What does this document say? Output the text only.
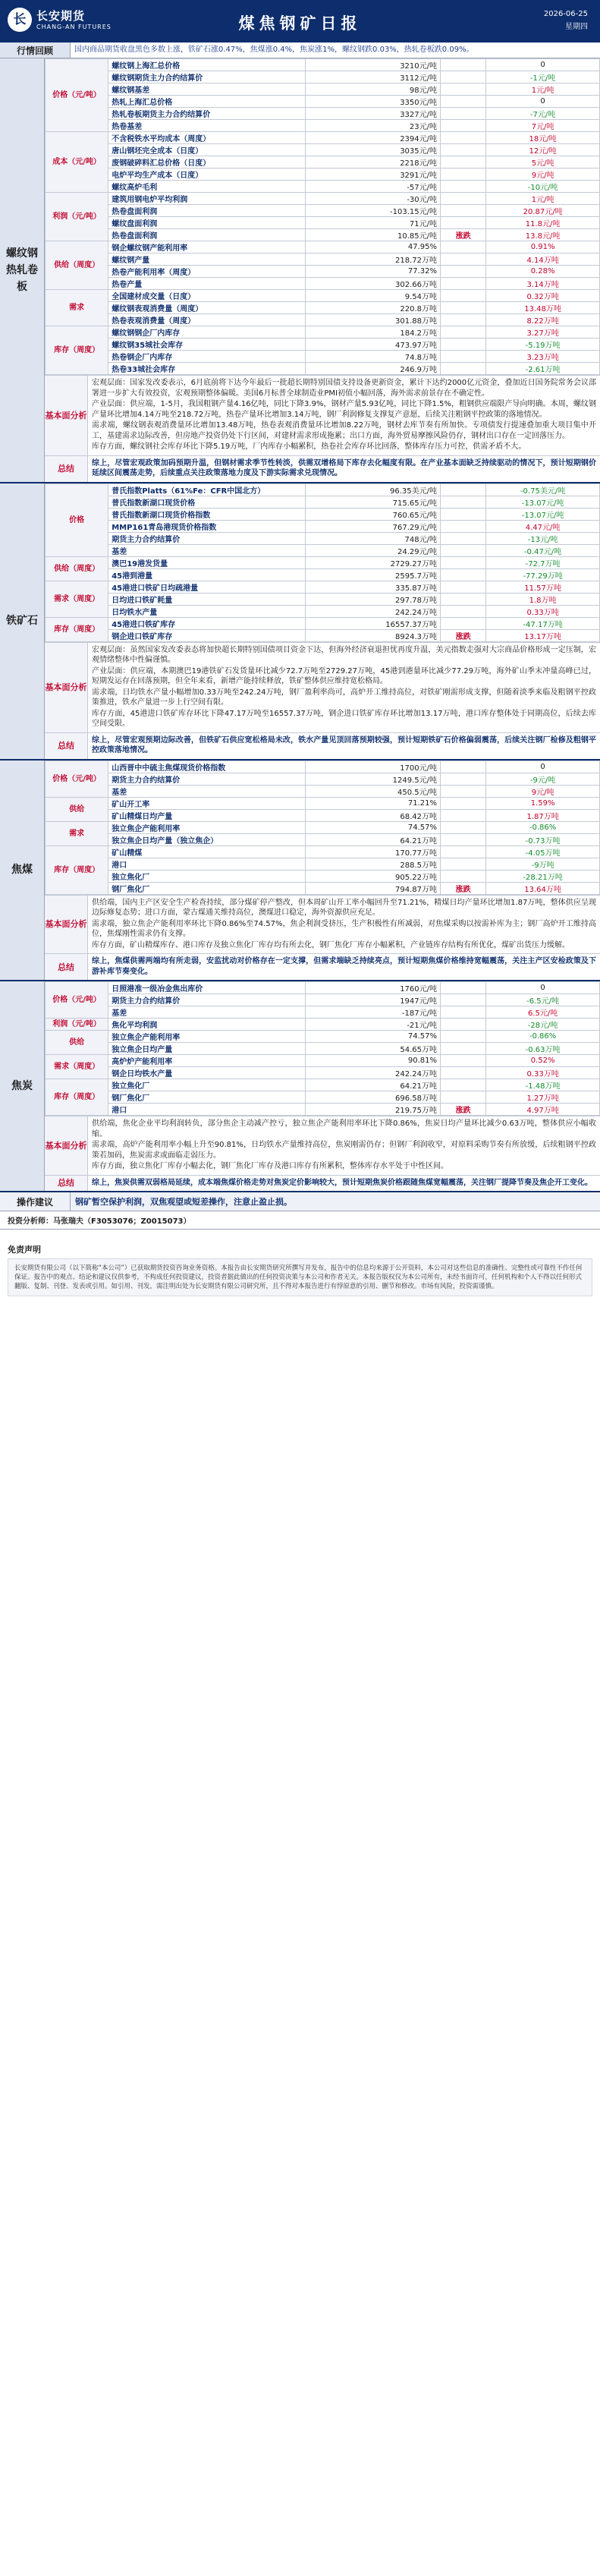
长 长安期货
CHANG-AN FUTURES	煤焦钢矿日报
2026-06-25
星期四
行情回顾	国内商品期货收盘黑色多数上涨，铁矿石涨0.47%，焦煤涨0.4%，焦炭涨1%，螺纹钢跌0.03%，热轧卷板跌0.09%。
螺纹钢热轧卷板
价格（元/吨）	螺纹钢上海汇总价格	3210元/吨		0
	螺纹钢期货主力合约结算价	3112元/吨		-1元/吨
	螺纹钢基差	98元/吨		1元/吨
	热轧上海汇总价格	3350元/吨		0
	热轧卷板期货主力合约结算价	3327元/吨		-7元/吨
	热卷基差	23元/吨		7元/吨
成本（元/吨）	不含税铁水平均成本（周度）	2394元/吨		18元/吨
	唐山钢坯完全成本（日度）	3035元/吨		12元/吨
	废钢破碎料汇总价格（日度）	2218元/吨		5元/吨
	电炉平均生产成本（日度）	3291元/吨		9元/吨
	螺纹高炉毛利	-57元/吨		-10元/吨
利润（元/吨）	建筑用钢电炉平均利润	-30元/吨		1元/吨
	热卷盘面利润	-103.15元/吨		20.87元/吨
	螺纹盘面利润	71元/吨		11.8元/吨
	热卷盘面利润	10.85元/吨	涨跌	13.8元/吨
供给（周度）	钢企螺纹钢产能利用率	47.95%		0.91%
	螺纹钢产量	218.72万吨		4.14万吨
	热卷产能利用率（周度）	77.32%		0.28%
	热卷产量	302.66万吨		3.14万吨
需求	全国建材成交量（日度）	9.54万吨		0.32万吨
	螺纹钢表观消费量（周度）	220.8万吨		13.48万吨
	热卷表观消费量（周度）	301.88万吨		8.22万吨
库存（周度）	螺纹钢钢企厂内库存	184.2万吨		3.27万吨
	螺纹钢35城社会库存	473.97万吨		-5.19万吨
	热卷钢企厂内库存	74.8万吨		3.23万吨
	热卷33城社会库存	246.9万吨		-2.61万吨
基本面分析

宏观层面：国家发改委表示，6月底前将下达今年最后一批超长期特别国债支持设备更新资金，累计下达约2000亿元资金，叠加近日国务院常务会议部署进一步扩大有效投资，宏观预期整体偏暖。美国6月标普全球制造业PMI初值小幅回落，海外需求前景存在不确定性。

产业层面：供应端，1-5月，我国粗钢产量4.16亿吨，同比下降3.9%，钢材产量5.93亿吨，同比下降1.5%，粗钢供应端限产导向明确。本周，螺纹钢产量环比增加4.14万吨至218.72万吨，热卷产量环比增加3.14万吨，钢厂利润修复支撑复产意愿，后续关注粗钢平控政策的落地情况。

需求端，螺纹钢表观消费量环比增加13.48万吨，热卷表观消费量环比增加8.22万吨，钢材去库节奏有所加快。专项债发行提速叠加重大项目集中开工，基建需求边际改善，但房地产投资仍处下行区间，对建材需求形成拖累；出口方面，海外贸易摩擦风险仍存，钢材出口存在一定回落压力。

库存方面，螺纹钢社会库存环比下降5.19万吨，厂内库存小幅累积，热卷社会库存环比回落，整体库存压力可控，供需矛盾不大。

总结

综上，尽管宏观政策加码预期升温，但钢材需求季节性转淡，供需双增格局下库存去化幅度有限。在产业基本面缺乏持续驱动的情况下，预计短期钢价延续区间震荡走势，后续重点关注政策落地力度及下游实际需求兑现情况。

铁矿石
价格	普氏指数Platts（61%Fe：CFR中国北方）	96.35美元/吨		-0.75美元/吨
	普氏指数新湖口现货价格	715.65元/吨		-13.07元/吨
	普氏指数新湖口现货价格指数	760.65元/吨		-13.07元/吨
	MMP161青岛港现货价格指数	767.29元/吨		4.47元/吨
	期货主力合约结算价	748元/吨		-13元/吨
	基差	24.29元/吨		-0.47元/吨
供给（周度）	澳巴19港发货量	2729.27万吨		-72.7万吨
	45港到港量	2595.7万吨		-77.29万吨
需求（周度）	45港进口铁矿日均疏港量	335.87万吨		11.57万吨
	日均进口铁矿耗量	297.78万吨		1.8万吨
	日均铁水产量	242.24万吨		0.33万吨
库存（周度）	45港进口铁矿库存	16557.37万吨		-47.17万吨
	钢企进口铁矿库存	8924.3万吨	涨跌	13.17万吨
基本面分析

宏观层面：虽然国家发改委表态将加快超长期特别国债项目资金下达，但海外经济衰退担忧再度升温，美元指数走强对大宗商品价格形成一定压制，宏观情绪整体中性偏谨慎。

产业层面：供应端，本期澳巴19港铁矿石发货量环比减少72.7万吨至2729.27万吨，45港到港量环比减少77.29万吨，海外矿山季末冲量高峰已过，短期发运存在回落预期，但全年来看，新增产能持续释放，铁矿整体供应维持宽松格局。

需求端，日均铁水产量小幅增加0.33万吨至242.24万吨，钢厂盈利率尚可，高炉开工维持高位，对铁矿刚需形成支撑，但随着淡季来临及粗钢平控政策推进，铁水产量进一步上行空间有限。

库存方面，45港进口铁矿库存环比下降47.17万吨至16557.37万吨，钢企进口铁矿库存环比增加13.17万吨，港口库存整体处于同期高位，后续去库空间受限。

总结

综上，尽管宏观预期边际改善，但铁矿石供应宽松格局未改，铁水产量见顶回落预期较强，预计短期铁矿石价格偏弱震荡，后续关注钢厂检修及粗钢平控政策落地情况。

焦煤
价格（元/吨）	山西晋中中硫主焦煤现货价格指数	1700元/吨		0
	期货主力合约结算价	1249.5元/吨		-9元/吨
	基差	450.5元/吨		9元/吨
供给	矿山开工率	71.21%		1.59%
	矿山精煤日均产量	68.42万吨		1.87万吨
需求	独立焦企产能利用率	74.57%		-0.86%
	独立焦企日均产量（独立焦企）	64.21万吨		-0.73万吨
库存（周度）	矿山精煤	170.77万吨		-4.05万吨
	港口	288.5万吨		-9万吨
	独立焦化厂	905.22万吨		-28.21万吨
	钢厂焦化厂	794.87万吨	涨跌	13.64万吨
基本面分析

供给端，国内主产区安全生产检查持续，部分煤矿停产整改，但本周矿山开工率小幅回升至71.21%，精煤日均产量环比增加1.87万吨，整体供应呈现边际修复态势；进口方面，蒙古煤通关维持高位，澳煤进口稳定，海外资源供应充足。

需求端，独立焦企产能利用率环比下降0.86%至74.57%，焦企利润受挤压，生产积极性有所减弱，对焦煤采购以按需补库为主；钢厂高炉开工维持高位，焦煤刚性需求仍有支撑。

库存方面，矿山精煤库存、港口库存及独立焦化厂库存均有所去化，钢厂焦化厂库存小幅累积，产业链库存结构有所优化，煤矿出货压力缓解。

总结

综上，焦煤供需两端均有所走弱，安监扰动对价格存在一定支撑，但需求端缺乏持续亮点，预计短期焦煤价格维持宽幅震荡，关注主产区安检政策及下游补库节奏变化。

焦炭
价格（元/吨）	日照港准一级冶金焦出库价	1760元/吨		0
	期货主力合约结算价	1947元/吨		-6.5元/吨
	基差	-187元/吨		6.5元/吨
利润（元/吨）	焦化平均利润	-21元/吨		-28元/吨
供给	独立焦企产能利用率	74.57%		-0.86%
	独立焦企日均产量	54.65万吨		-0.63万吨
需求（周度）	高炉炉产能利用率	90.81%		0.52%
	钢企日均铁水产量	242.24万吨		0.33万吨
库存（周度）	独立焦化厂	64.21万吨		-1.48万吨
	钢厂焦化厂	696.58万吨		1.27万吨
	港口	219.75万吨	涨跌	4.97万吨
基本面分析

供给端，焦化企业平均利润转负，部分焦企主动减产控亏，独立焦企产能利用率环比下降0.86%，焦炭日均产量环比减少0.63万吨，整体供应小幅收缩。

需求端，高炉产能利用率小幅上升至90.81%，日均铁水产量维持高位，焦炭刚需仍存；但钢厂利润收窄，对原料采购节奏有所放缓，后续粗钢平控政策若加码，焦炭需求或面临走弱压力。

库存方面，独立焦化厂库存小幅去化，钢厂焦化厂库存及港口库存有所累积，整体库存水平处于中性区间。

总结	综上，焦炭供需双弱格局延续，成本端焦煤价格走势对焦炭定价影响较大，预计短期焦炭价格跟随焦煤宽幅震荡，关注钢厂提降节奏及焦企开工变化。

操作建议	钢矿暂空保护利润，双焦观望或短差操作，注意止盈止损。
投资分析师：马张瑞夫（F3053076；Z0015073）
免责声明
长安期货有限公司（以下简称“本公司”）已获取期货投资咨询业务资格。本报告由长安期货研究所撰写并发布，报告中的信息均来源于公开资料，本公司对这些信息的准确性、完整性或可靠性不作任何保证。报告中的观点、结论和建议仅供参考，不构成任何投资建议，投资者据此做出的任何投资决策与本公司和作者无关。本报告版权仅为本公司所有，未经书面许可，任何机构和个人不得以任何形式翻版、复制、刊登、发表或引用。如引用、刊发，需注明出处为长安期货有限公司研究所，且不得对本报告进行有悖原意的引用、删节和修改。市场有风险，投资需谨慎。
